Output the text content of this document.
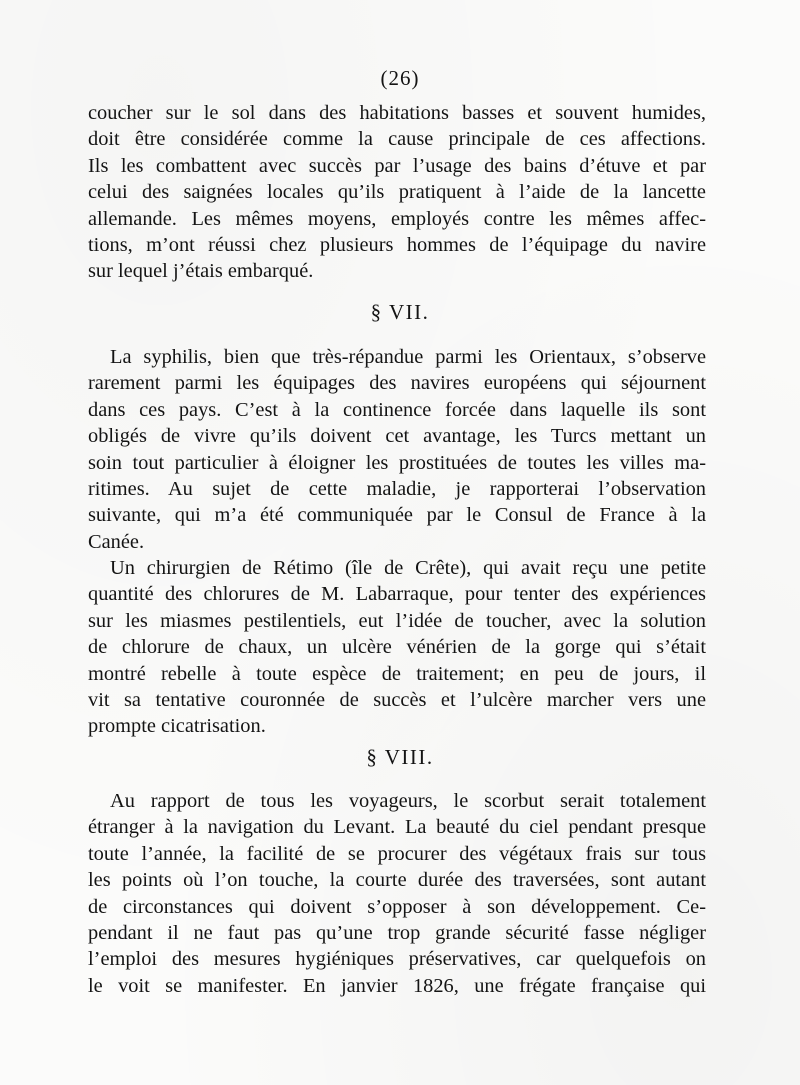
(26)
coucher sur le sol dans des habitations basses et souvent humides,
doit être considérée comme la cause principale de ces affections.
Ils les combattent avec succès par l’usage des bains d’étuve et par
celui des saignées locales qu’ils pratiquent à l’aide de la lancette
allemande. Les mêmes moyens, employés contre les mêmes affec-
tions, m’ont réussi chez plusieurs hommes de l’équipage du navire
sur lequel j’étais embarqué.
§ VII.
La syphilis, bien que très-répandue parmi les Orientaux, s’observe
rarement parmi les équipages des navires européens qui séjournent
dans ces pays. C’est à la continence forcée dans laquelle ils sont
obligés de vivre qu’ils doivent cet avantage, les Turcs mettant un
soin tout particulier à éloigner les prostituées de toutes les villes ma-
ritimes. Au sujet de cette maladie, je rapporterai l’observation
suivante, qui m’a été communiquée par le Consul de France à la
Canée.
Un chirurgien de Rétimo (île de Crête), qui avait reçu une petite
quantité des chlorures de M. Labarraque, pour tenter des expériences
sur les miasmes pestilentiels, eut l’idée de toucher, avec la solution
de chlorure de chaux, un ulcère vénérien de la gorge qui s’était
montré rebelle à toute espèce de traitement; en peu de jours, il
vit sa tentative couronnée de succès et l’ulcère marcher vers une
prompte cicatrisation.
§ VIII.
Au rapport de tous les voyageurs, le scorbut serait totalement
étranger à la navigation du Levant. La beauté du ciel pendant presque
toute l’année, la facilité de se procurer des végétaux frais sur tous
les points où l’on touche, la courte durée des traversées, sont autant
de circonstances qui doivent s’opposer à son développement. Ce-
pendant il ne faut pas qu’une trop grande sécurité fasse négliger
l’emploi des mesures hygiéniques préservatives, car quelquefois on
le voit se manifester. En janvier 1826, une frégate française qui
